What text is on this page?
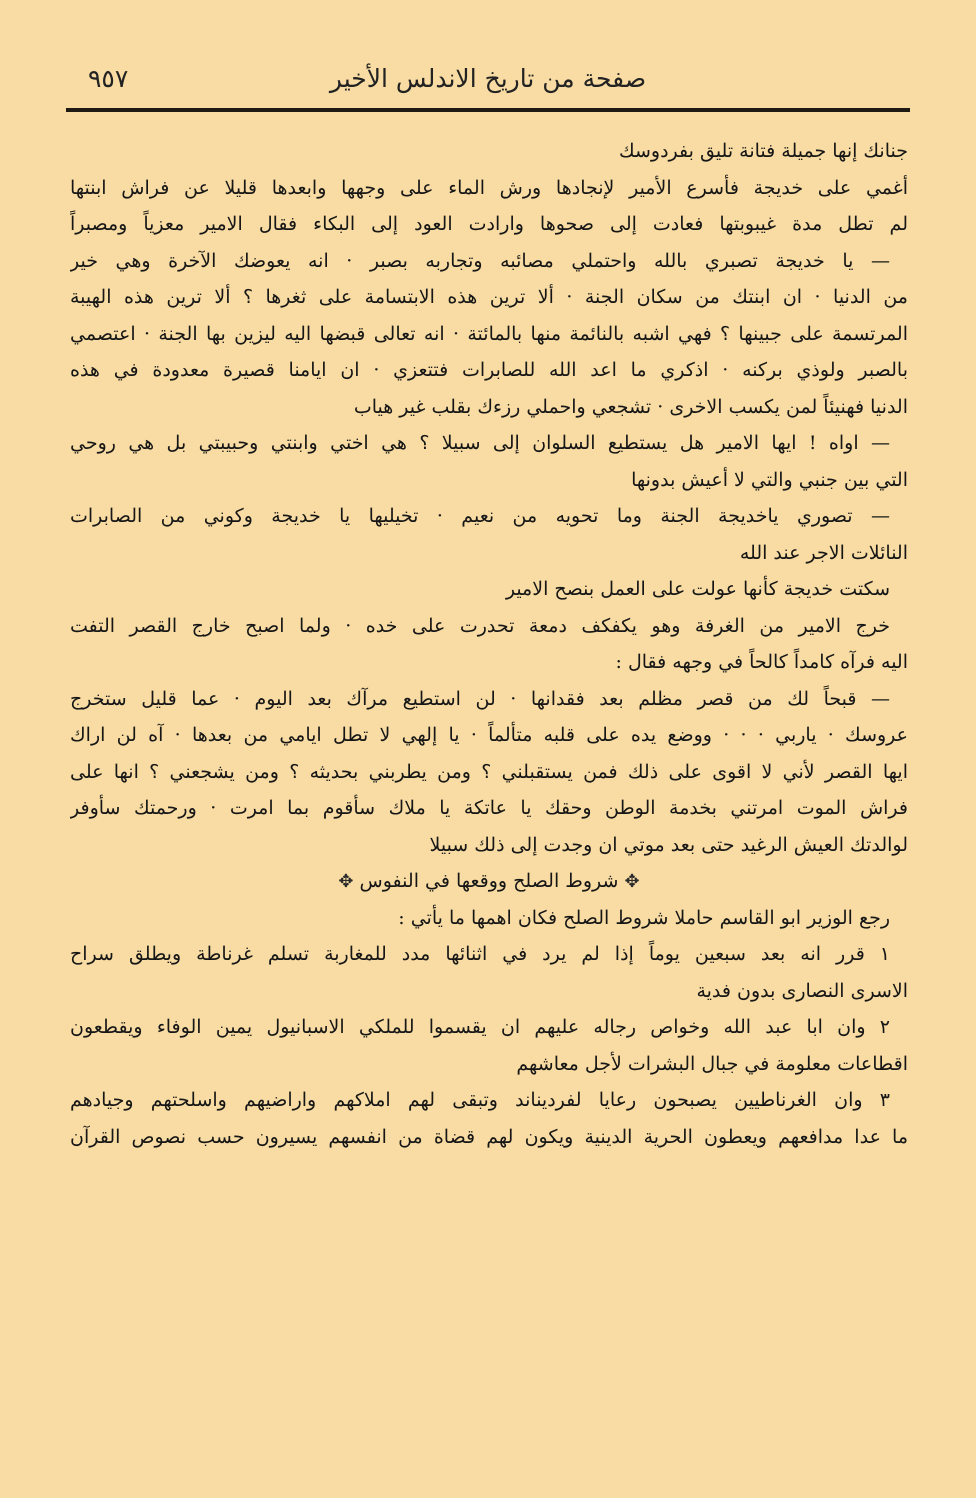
صفحة من تاريخ الاندلس الأخير
٩٥٧
جنانك إنها جميلة فتانة تليق بفردوسك
أغمي على خديجة فأسرع الأمير لإنجادها ورش الماء على وجهها وابعدها قليلا عن فراش ابنتها
لم تطل مدة غيبوبتها فعادت إلى صحوها وارادت العود إلى البكاء فقال الامير معزياً ومصبراً
— يا خديجة تصبري بالله واحتملي مصائبه وتجاربه بصبر · انه يعوضك الآخرة وهي خير
من الدنيا · ان ابنتك من سكان الجنة · ألا ترين هذه الابتسامة على ثغرها ؟ ألا ترين هذه الهيبة
المرتسمة على جبينها ؟ فهي اشبه بالنائمة منها بالمائتة · انه تعالى قبضها اليه ليزين بها الجنة · اعتصمي
بالصبر ولوذي بركنه · اذكري ما اعد الله للصابرات فتتعزي · ان ايامنا قصيرة معدودة في هذه
الدنيا فهنيئاً لمن يكسب الاخرى · تشجعي واحملي رزءك بقلب غير هياب
— اواه ! ايها الامير هل يستطيع السلوان إلى سبيلا ؟ هي اختي وابنتي وحبيبتي بل هي روحي
التي بين جنبي والتي لا أعيش بدونها
— تصوري ياخديجة الجنة وما تحويه من نعيم · تخيليها يا خديجة وكوني من الصابرات
النائلات الاجر عند الله
سكتت خديجة كأنها عولت على العمل بنصح الامير
خرج الامير من الغرفة وهو يكفكف دمعة تحدرت على خده · ولما اصبح خارج القصر التفت
اليه فرآه كامداً كالحاً في وجهه فقال :
— قبحاً لك من قصر مظلم بعد فقدانها · لن استطيع مرآك بعد اليوم · عما قليل ستخرج
عروسك · ياربي · · · ووضع يده على قلبه متألماً · يا إلهي لا تطل ايامي من بعدها · آه لن اراك
ايها القصر لأني لا اقوى على ذلك فمن يستقبلني ؟ ومن يطربني بحديثه ؟ ومن يشجعني ؟ انها على
فراش الموت امرتني بخدمة الوطن وحقك يا عاتكة يا ملاك سأقوم بما امرت · ورحمتك سأوفر
لوالدتك العيش الرغيد حتى بعد موتي ان وجدت إلى ذلك سبيلا
✥ شروط الصلح ووقعها في النفوس ✥
رجع الوزير ابو القاسم حاملا شروط الصلح فكان اهمها ما يأتي :
١ قرر انه بعد سبعين يوماً إذا لم يرد في اثنائها مدد للمغاربة تسلم غرناطة ويطلق سراح
الاسرى النصارى بدون فدية
٢ وان ابا عبد الله وخواص رجاله عليهم ان يقسموا للملكي الاسبانيول يمين الوفاء ويقطعون
اقطاعات معلومة في جبال البشرات لأجل معاشهم
٣ وان الغرناطيين يصبحون رعايا لفرديناند وتبقى لهم املاكهم واراضيهم واسلحتهم وجيادهم
ما عدا مدافعهم ويعطون الحرية الدينية ويكون لهم قضاة من انفسهم يسيرون حسب نصوص القرآن
